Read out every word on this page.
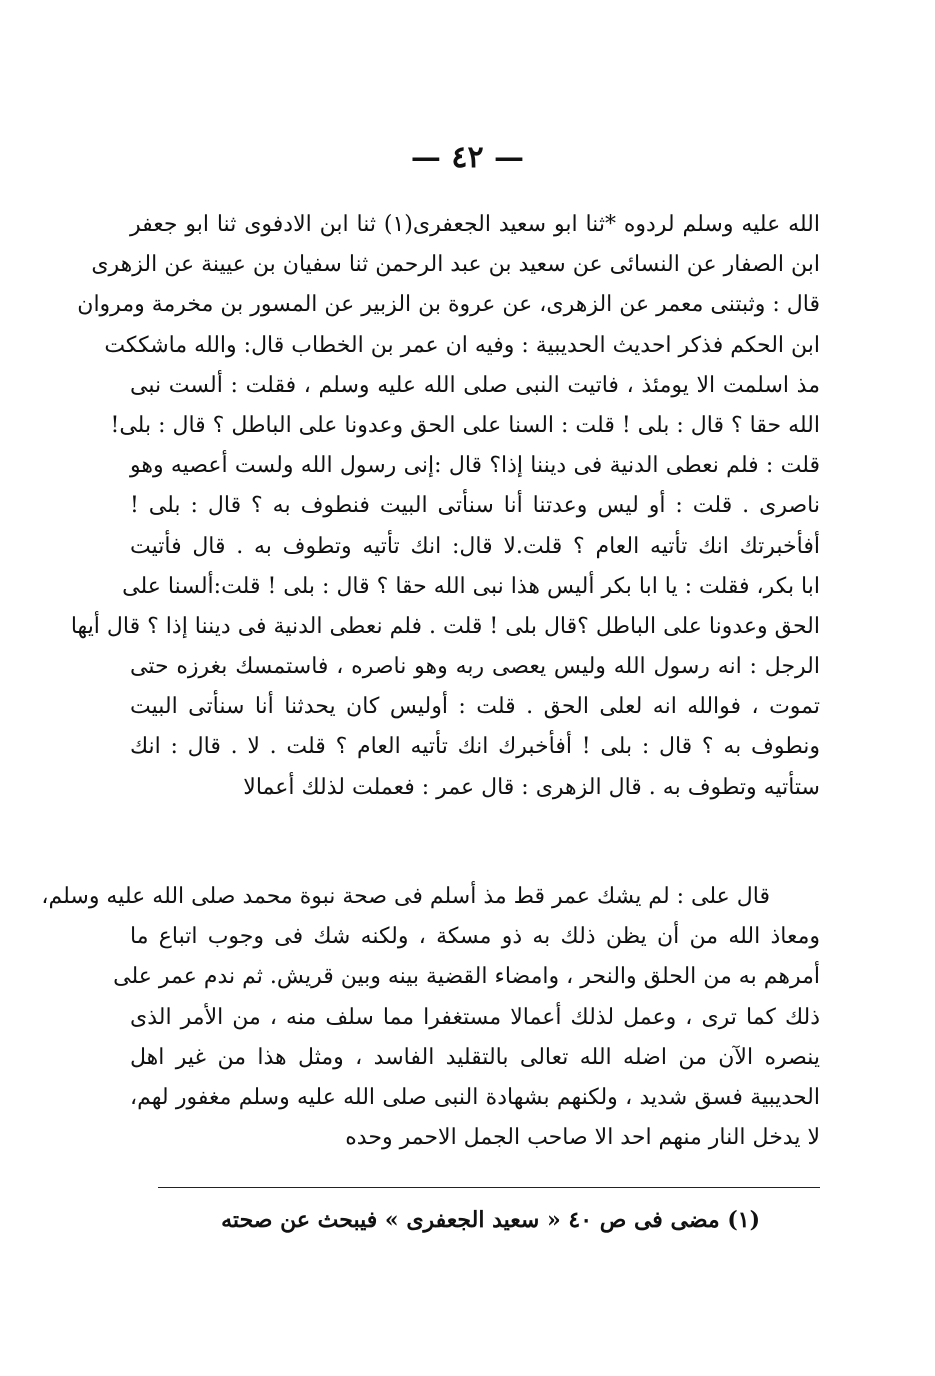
— ٤٢ —
الله عليه وسلم لردوه *ثنا ابو سعيد الجعفرى(١) ثنا ابن الادفوى ثنا ابو جعفر
ابن الصفار عن النسائى عن سعيد بن عبد الرحمن ثنا سفيان بن عيينة عن الزهرى
قال : وثبتنى معمر عن الزهرى، عن عروة بن الزبير عن المسور بن مخرمة ومروان
ابن الحكم فذكر احديث الحديبية : وفيه ان عمر بن الخطاب قال: والله ماشككت
مذ اسلمت الا يومئذ ، فاتيت النبى صلى الله عليه وسلم ، فقلت : ألست نبى
الله حقا ؟ قال : بلى ! قلت : السنا على الحق وعدونا على الباطل ؟ قال : بلى!
قلت : فلم نعطى الدنية فى ديننا إذا؟ قال :إنى رسول الله ولست أعصيه وهو
ناصرى . قلت : أو ليس وعدتنا أنا سنأتى البيت فنطوف به ؟ قال : بلى !
أفأخبرتك انك تأتيه العام ؟ قلت.لا قال: انك تأتيه وتطوف به . قال فأتيت
ابا بكر، فقلت : يا ابا بكر أليس هذا نبى الله حقا ؟ قال : بلى ! قلت:ألسنا على
الحق وعدونا على الباطل ؟قال بلى ! قلت . فلم نعطى الدنية فى ديننا إذا ؟ قال أيها
الرجل : انه رسول الله وليس يعصى ربه وهو ناصره ، فاستمسك بغرزه حتى
تموت ، فوالله انه لعلى الحق . قلت : أوليس كان يحدثنا أنا سنأتى البيت
ونطوف به ؟ قال : بلى ! أفأخبرك انك تأتيه العام ؟ قلت . لا . قال : انك
ستأتيه وتطوف به . قال الزهرى : قال عمر : فعملت لذلك أعمالا
قال على : لم يشك عمر قط مذ أسلم فى صحة نبوة محمد صلى الله عليه وسلم،
ومعاذ الله من أن يظن ذلك به ذو مسكة ، ولكنه شك فى وجوب اتباع ما
أمرهم به من الحلق والنحر ، وامضاء القضية بينه وبين قريش. ثم ندم عمر على
ذلك كما ترى ، وعمل لذلك أعمالا مستغفرا مما سلف منه ، من الأمر الذى
ينصره الآن من اضله الله تعالى بالتقليد الفاسد ، ومثل هذا من غير اهل
الحديبية فسق شديد ، ولكنهم بشهادة النبى صلى الله عليه وسلم مغفور لهم،
لا يدخل النار منهم احد الا صاحب الجمل الاحمر وحده
(١) مضى فى ص ٤٠ « سعيد الجعفرى » فيبحث عن صحته
